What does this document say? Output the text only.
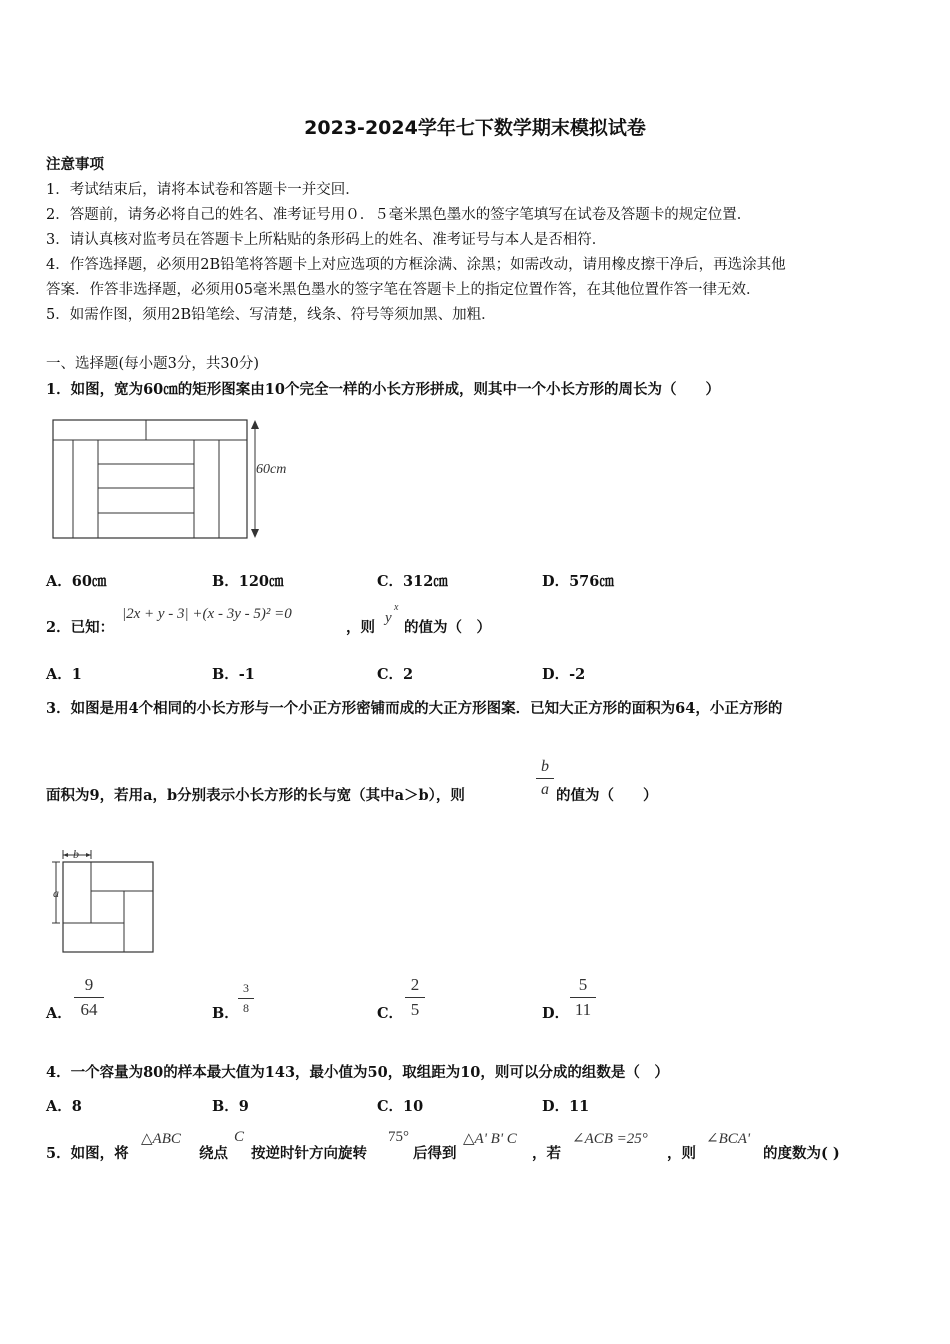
2023-2024学年七下数学期末模拟试卷
注意事项
1．考试结束后，请将本试卷和答题卡一并交回．
2．答题前，请务必将自己的姓名、准考证号用０．５毫米黑色墨水的签字笔填写在试卷及答题卡的规定位置．
3．请认真核对监考员在答题卡上所粘贴的条形码上的姓名、准考证号与本人是否相符．
4．作答选择题，必须用2B铅笔将答题卡上对应选项的方框涂满、涂黑；如需改动，请用橡皮擦干净后，再选涂其他
答案．作答非选择题，必须用05毫米黑色墨水的签字笔在答题卡上的指定位置作答，在其他位置作答一律无效．
5．如需作图，须用2B铅笔绘、写清楚，线条、符号等须加黑、加粗．
一、选择题(每小题3分，共30分)
1．如图，宽为60㎝的矩形图案由10个完全一样的小长方形拼成，则其中一个小长方形的周长为（　　）
60cm
A．60㎝	B．120㎝	C．312㎝	D．576㎝
2．已知：
|2x + y - 3| +(x - 3y - 5)² =0
，则
y
x
的值为（　）
A．1	B．-1	C．2	D．-2
3．如图是用4个相同的小长方形与一个小正方形密铺而成的大正方形图案．已知大正方形的面积为64，小正方形的
面积为9，若用a，b分别表示小长方形的长与宽（其中a＞b），则
b
a 的值为（　　）
b
a
A．
9
64	B．
3
8	C．
2
5	D．
5
11
4．一个容量为80的样本最大值为143，最小值为50，取组距为10，则可以分成的组数是（　）
A．8	B．9	C．10	D．11
5．如图，将
△ABC
绕点
C
按逆时针方向旋转
75°
后得到
△A' B' C
，若
∠ACB =25°
，则
∠BCA'
的度数为( )
